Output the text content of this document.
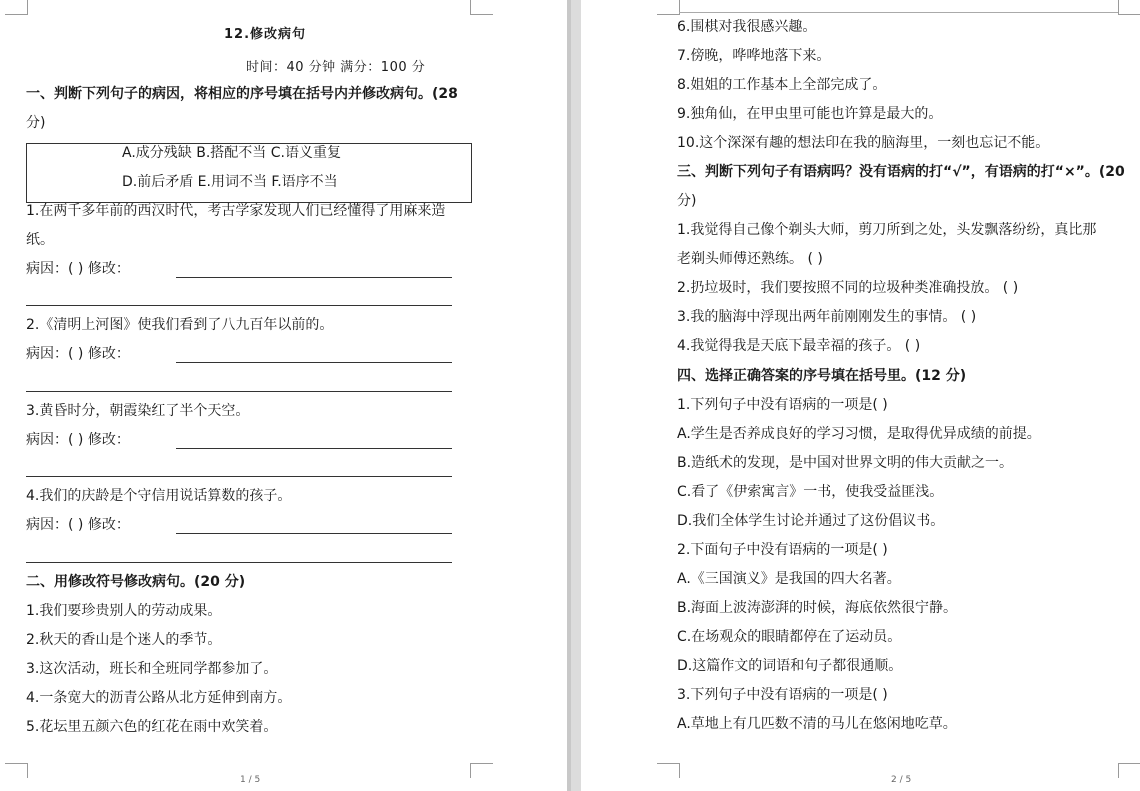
12.修改病句
时间：40 分钟 满分：100 分
一、判断下列句子的病因，将相应的序号填在括号内并修改病句。(28
分)
A.成分残缺 B.搭配不当 C.语义重复
D.前后矛盾 E.用词不当 F.语序不当
1.在两千多年前的西汉时代，考古学家发现人们已经懂得了用麻来造
纸。
病因：( ) 修改：
2.《清明上河图》使我们看到了八九百年以前的。
病因：( ) 修改：
3.黄昏时分，朝霞染红了半个天空。
病因：( ) 修改：
4.我们的庆龄是个守信用说话算数的孩子。
病因：( ) 修改：
二、用修改符号修改病句。(20 分)
1.我们要珍贵别人的劳动成果。
2.秋天的香山是个迷人的季节。
3.这次活动，班长和全班同学都参加了。
4.一条宽大的沥青公路从北方延伸到南方。
5.花坛里五颜六色的红花在雨中欢笑着。
1 / 5
6.围棋对我很感兴趣。
7.傍晚，哗哗地落下来。
8.姐姐的工作基本上全部完成了。
9.独角仙，在甲虫里可能也许算是最大的。
10.这个深深有趣的想法印在我的脑海里，一刻也忘记不能。
三、判断下列句子有语病吗？没有语病的打“√”，有语病的打“×”。(20
分)
1.我觉得自己像个剃头大师，剪刀所到之处，头发飘落纷纷，真比那
老剃头师傅还熟练。 ( )
2.扔垃圾时，我们要按照不同的垃圾种类准确投放。 ( )
3.我的脑海中浮现出两年前刚刚发生的事情。 ( )
4.我觉得我是天底下最幸福的孩子。 ( )
四、选择正确答案的序号填在括号里。(12 分)
1.下列句子中没有语病的一项是( )
A.学生是否养成良好的学习习惯，是取得优异成绩的前提。
B.造纸术的发现，是中国对世界文明的伟大贡献之一。
C.看了《伊索寓言》一书，使我受益匪浅。
D.我们全体学生讨论并通过了这份倡议书。
2.下面句子中没有语病的一项是( )
A.《三国演义》是我国的四大名著。
B.海面上波涛澎湃的时候，海底依然很宁静。
C.在场观众的眼睛都停在了运动员。
D.这篇作文的词语和句子都很通顺。
3.下列句子中没有语病的一项是( )
A.草地上有几匹数不清的马儿在悠闲地吃草。
2 / 5
